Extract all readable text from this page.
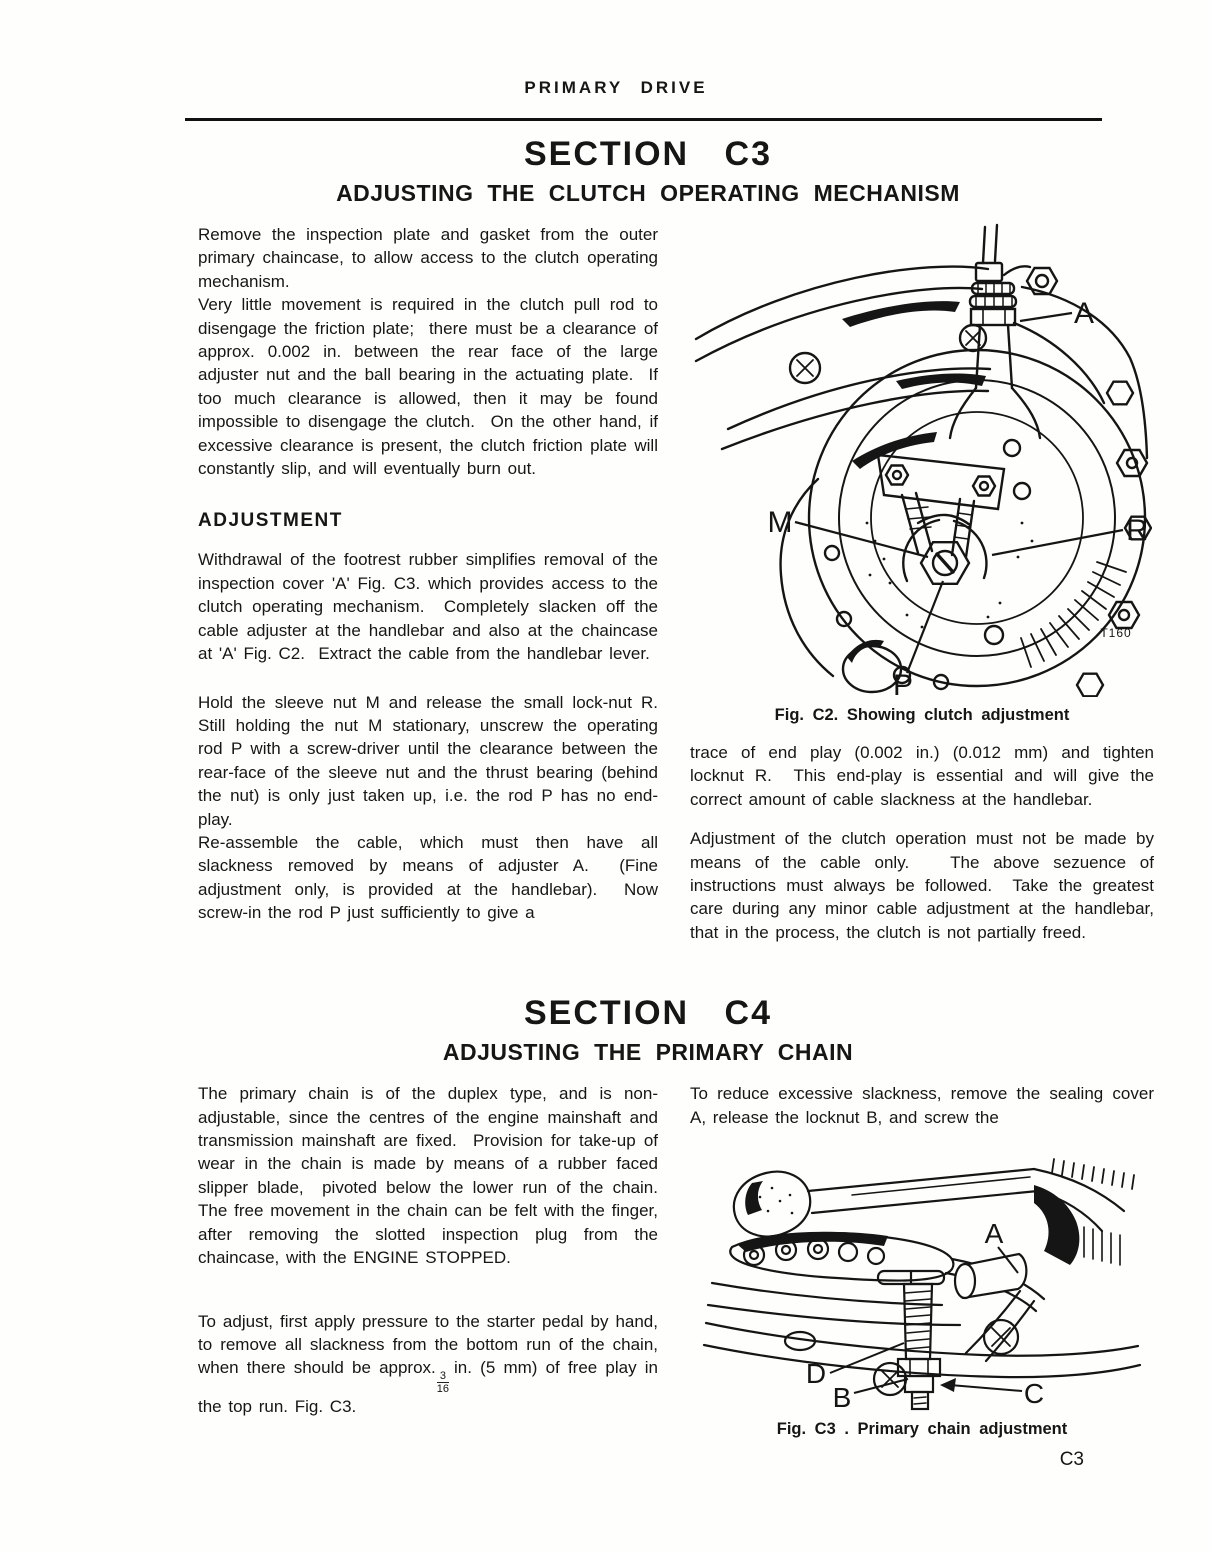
PRIMARY DRIVE
SECTION C3
ADJUSTING THE CLUTCH OPERATING MECHANISM

Remove the inspection plate and gasket from the outer primary chaincase, to allow access to the clutch operating mechanism.

Very little movement is required in the clutch pull rod to disengage the friction plate;  there must be a clearance of approx. 0.002 in. between the rear face of the large adjuster nut and the ball bearing in the actuating plate.  If too much clearance is allowed, then it may be found impossible to disengage the clutch.  On the other hand, if excessive clearance is present, the clutch friction plate will constantly slip, and will eventually burn out.

ADJUSTMENT

Withdrawal of the footrest rubber simplifies removal of the inspection cover 'A' Fig. C3. which provides access to the clutch operating mechanism.  Completely slacken off the cable adjuster at the handlebar and also at the chaincase at 'A' Fig. C2.  Extract the cable from the handlebar lever.

Hold the sleeve nut M and release the small lock-nut R.  Still holding the nut M stationary, unscrew the operating rod P with a screw-driver until the clearance between the rear-face of the sleeve nut and the thrust bearing (behind the nut) is only just taken up, i.e. the rod P has no end-play.

Re-assemble the cable, which must then have all slackness removed by means of adjuster A.  (Fine adjustment only, is provided at the handlebar).  Now screw-in the rod P just sufficiently to give a

A
M	R
P
T160
Fig. C2. Showing clutch adjustment

trace of end play (0.002 in.) (0.012 mm) and tighten locknut R.  This end-play is essential and will give the correct amount of cable slackness at the handlebar.

Adjustment of the clutch operation must not be made by means of the cable only.   The above sezuence of instructions must always be followed.  Take the greatest care during any minor cable adjustment at the handlebar, that in the process, the clutch is not partially freed.

SECTION C4
ADJUSTING THE PRIMARY CHAIN

The primary chain is of the duplex type, and is non-adjustable, since the centres of the engine mainshaft and transmission mainshaft are fixed.  Provision for take-up of wear in the chain is made by means of a rubber faced slipper blade,  pivoted below the lower run of the chain.  The free movement in the chain can be felt with the finger, after removing the slotted inspection plug from the chaincase, with the ENGINE STOPPED.

To adjust, first apply pressure to the starter pedal by hand, to remove all slackness from the bottom run of the chain, when there should be approx.
$\frac{3}{16}$
in. (5 mm) of free play in the top run. Fig. C3.

To reduce excessive slackness, remove the sealing cover A, release the locknut B, and screw the

A
D
B	C
Fig. C3 . Primary chain adjustment
C3
